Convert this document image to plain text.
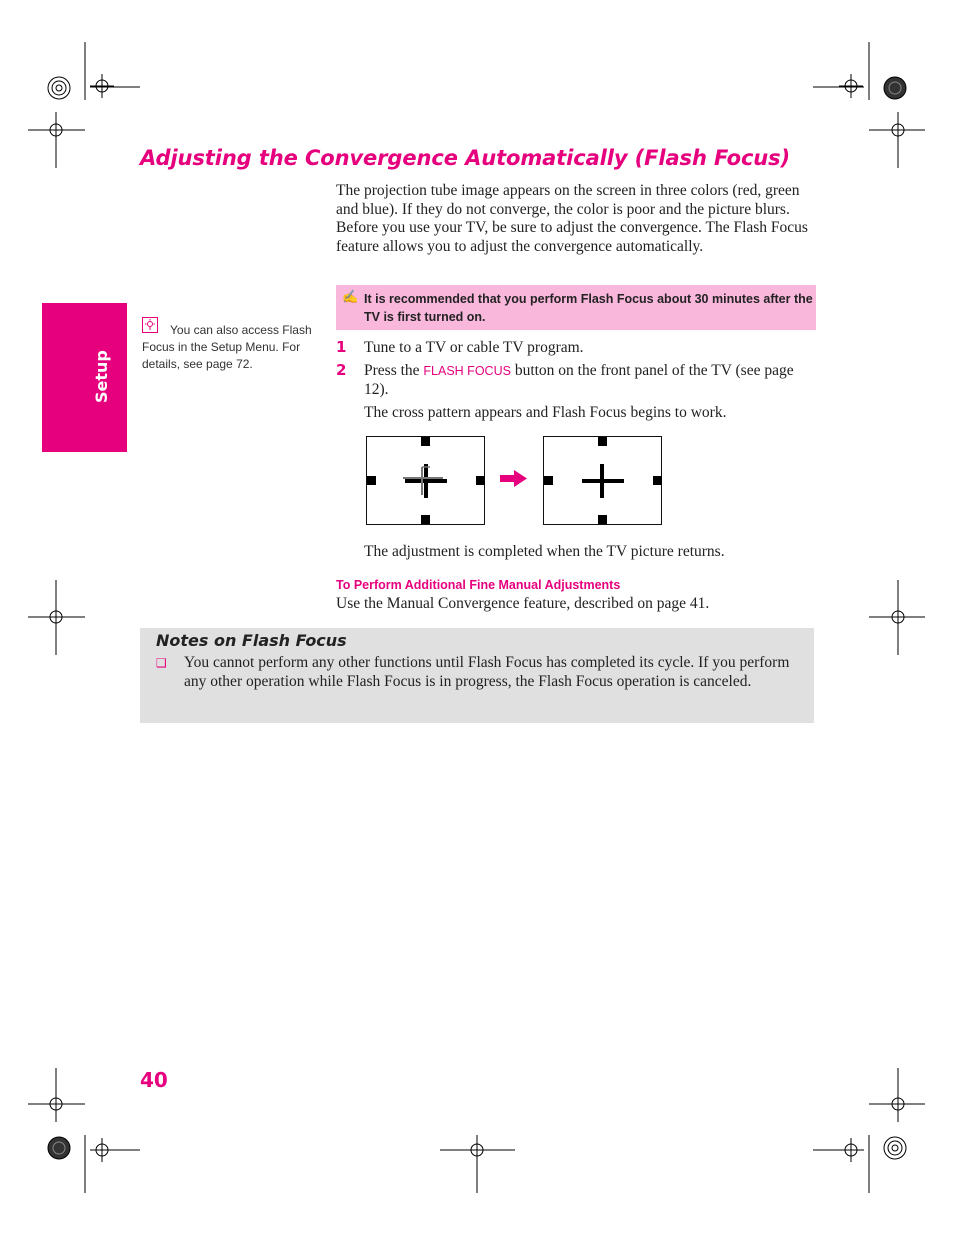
Adjusting the Convergence Automatically (Flash Focus)
The projection tube image appears on the screen in three colors (red, green and blue). If they do not converge, the color is poor and the picture blurs. Before you use your TV, be sure to adjust the convergence. The Flash Focus feature allows you to adjust the convergence automatically.
Setup
You can also access Flash Focus in the Setup Menu. For details, see page 72.
✍ It is recommended that you perform Flash Focus about 30 minutes after the TV is first turned on.
1 Tune to a TV or cable TV program.
2 Press the FLASH FOCUS button on the front panel of the TV (see page 12).
The cross pattern appears and Flash Focus begins to work.
The adjustment is completed when the TV picture returns.
To Perform Additional Fine Manual Adjustments
Use the Manual Convergence feature, described on page 41.
Notes on Flash Focus
❑ You cannot perform any other functions until Flash Focus has completed its cycle. If you perform any other operation while Flash Focus is in progress, the Flash Focus operation is canceled.
40
